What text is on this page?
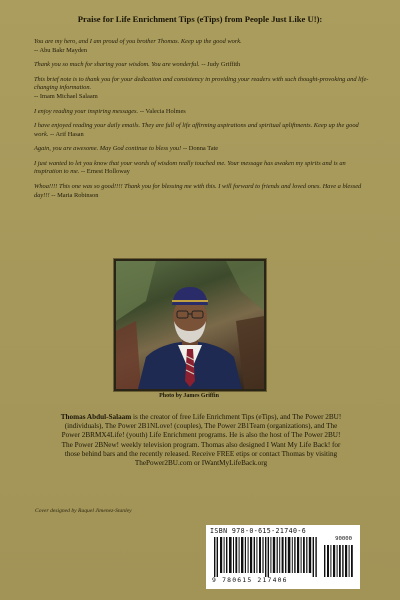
Praise for Life Enrichment Tips (eTips) from People Just Like U!):

You are my hero, and I am proud of you brother Thomas. Keep up the good work.
-- Abu Bakr Mayden

Thank you so much for sharing your wisdom. You are wonderful. -- Judy Griffith

This brief note is to thank you for your dedication and consistency in providing your readers with such thought-provoking and life-changing information.
-- Imam Michael Salaam

I enjoy reading your inspiring messages. -- Valecia Holmes

I have enjoyed reading your daily emails. They are full of life affirming aspirations and spiritual upliftments. Keep up the good work. -- Arif Hasan

Again, you are awesome. May God continue to bless you! -- Donna Tate

I just wanted to let you know that your words of wisdom really touched me. Your message has awaken my spirits and is an inspiration to me. -- Ernest Holloway

Whoa!!!! This one was so good!!!! Thank you for blessing me with this. I will forward to friends and loved ones. Have a blessed day!!! -- Maria Robinson

Photo by James Griffin
Thomas Abdul-Salaam is the creator of free Life Enrichment Tips (eTips), and The Power 2BU! (individuals), The Power 2B1NLove! (couples), The Power 2B1Team (organizations), and The Power 2BRMX4Life! (youth) Life Enrichment programs. He is also the host of The Power 2BU! The Power 2BNew! weekly television program. Thomas also designed I Want My Life Back! for those behind bars and the recently released. Receive FREE etips or contact Thomas by visiting ThePower2BU.com or IWantMyLifeBack.org
Cover designed by Raquel Jimenez-Stanley
ISBN 978-0-615-21740-6
90000
9 780615 217406
